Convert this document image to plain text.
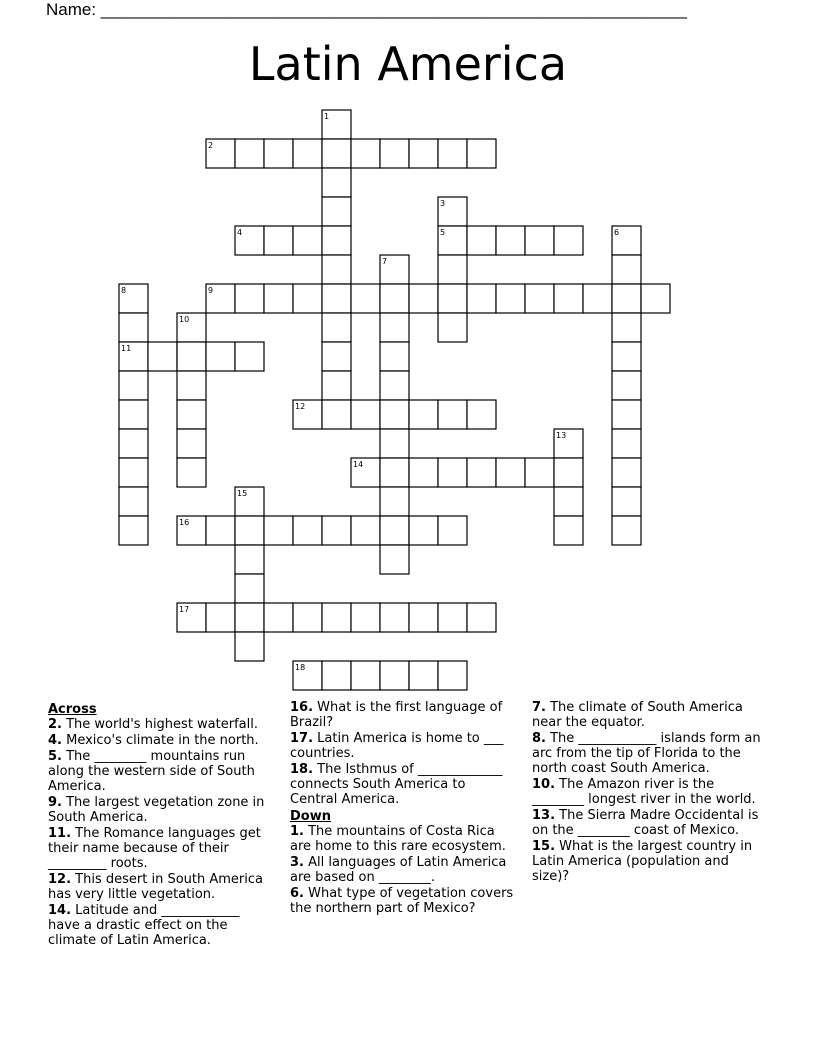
Name: ______________________________________________________________
Latin America
1
2
3
4	5	6
7
8	9
10
11
12
13
14
15
16
17
18
Across
2. The world's highest waterfall.
4. Mexico's climate in the north.
5. The ________ mountains run along the western side of South America.
9. The largest vegetation zone in South America.
11. The Romance languages get their name because of their _________ roots.
12. This desert in South America has very little vegetation.
14. Latitude and ____________ have a drastic effect on the climate of Latin America.
16. What is the first language of Brazil?
17. Latin America is home to ___ countries.
18. The Isthmus of _____________ connects South America to Central America.
Down
1. The mountains of Costa Rica are home to this rare ecosystem.
3. All languages of Latin America are based on ________.
6. What type of vegetation covers the northern part of Mexico?
7. The climate of South America near the equator.
8. The ____________ islands form an arc from the tip of Florida to the north coast South America.
10. The Amazon river is the ________ longest river in the world.
13. The Sierra Madre Occidental is on the ________ coast of Mexico.
15. What is the largest country in Latin America (population and size)?
